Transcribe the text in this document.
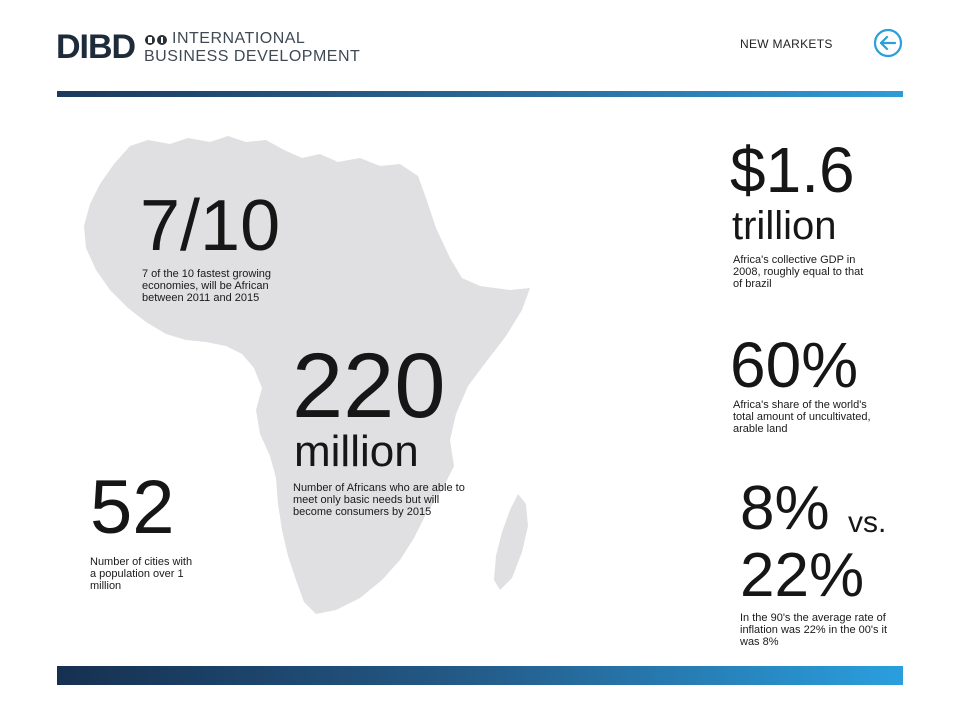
DIBD INTERNATIONAL
BUSINESS DEVELOPMENT
NEW MARKETS
7/10
7 of the 10 fastest growing economies, will be African between 2011 and 2015
220
million
Number of Africans who are able to meet only basic needs but will become consumers by 2015
52
Number of cities with a population over 1 million
$1.6
trillion
Africa's collective GDP in 2008, roughly equal to that of brazil
60%
Africa's share of the world's total amount of uncultivated, arable land
8% vs.
22%
In the 90's the average rate of inflation was 22% in the 00's it was 8%
